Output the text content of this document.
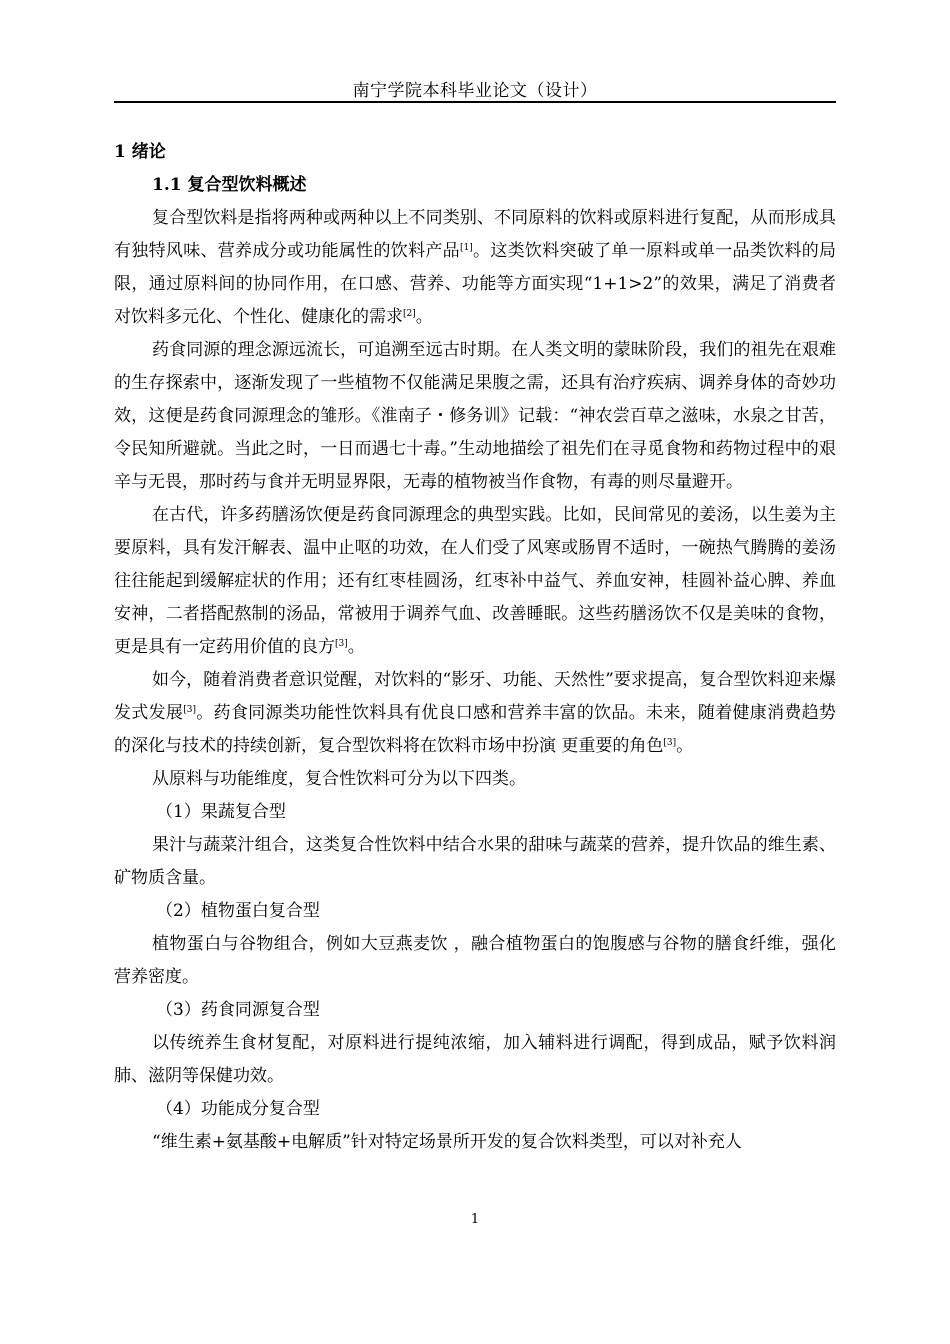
南宁学院本科毕业论文（设计）

1 绪论

1.1 复合型饮料概述

复合型饮料是指将两种或两种以上不同类别、不同原料的饮料或原料进行复配，从而形成具有独特风味、营养成分或功能属性的饮料产品[1]。这类饮料突破了单一原料或单一品类饮料的局限，通过原料间的协同作用，在口感、营养、功能等方面实现“1+1>2”的效果，满足了消费者对饮料多元化、个性化、健康化的需求[2]。

药食同源的理念源远流长，可追溯至远古时期。在人类文明的蒙昧阶段，我们的祖先在艰难的生存探索中，逐渐发现了一些植物不仅能满足果腹之需，还具有治疗疾病、调养身体的奇妙功效，这便是药食同源理念的雏形。《淮南子・修务训》记载：“神农尝百草之滋味，水泉之甘苦，令民知所避就。当此之时，一日而遇七十毒。”生动地描绘了祖先们在寻觅食物和药物过程中的艰辛与无畏，那时药与食并无明显界限，无毒的植物被当作食物，有毒的则尽量避开。

在古代，许多药膳汤饮便是药食同源理念的典型实践。比如，民间常见的姜汤，以生姜为主要原料，具有发汗解表、温中止呕的功效，在人们受了风寒或肠胃不适时，一碗热气腾腾的姜汤往往能起到缓解症状的作用；还有红枣桂圆汤，红枣补中益气、养血安神，桂圆补益心脾、养血安神，二者搭配熬制的汤品，常被用于调养气血、改善睡眠。这些药膳汤饮不仅是美味的食物，更是具有一定药用价值的良方[3]。

如今，随着消费者意识觉醒，对饮料的“影牙、功能、天然性”要求提高，复合型饮料迎来爆发式发展[3]。药食同源类功能性饮料具有优良口感和营养丰富的饮品。未来，随着健康消费趋势的深化与技术的持续创新，复合型饮料将在饮料市场中扮演 更重要的角色[3]。

从原料与功能维度，复合性饮料可分为以下四类。

（1）果蔬复合型

果汁与蔬菜汁组合，这类复合性饮料中结合水果的甜味与蔬菜的营养，提升饮品的维生素、矿物质含量。

（2）植物蛋白复合型

植物蛋白与谷物组合，例如大豆燕麦饮 ，融合植物蛋白的饱腹感与谷物的膳食纤维，强化营养密度。

（3）药食同源复合型

以传统养生食材复配，对原料进行提纯浓缩，加入辅料进行调配，得到成品，赋予饮料润肺、滋阴等保健功效。

（4）功能成分复合型

“维生素+氨基酸+电解质”针对特定场景所开发的复合饮料类型，可以对补充人

1
